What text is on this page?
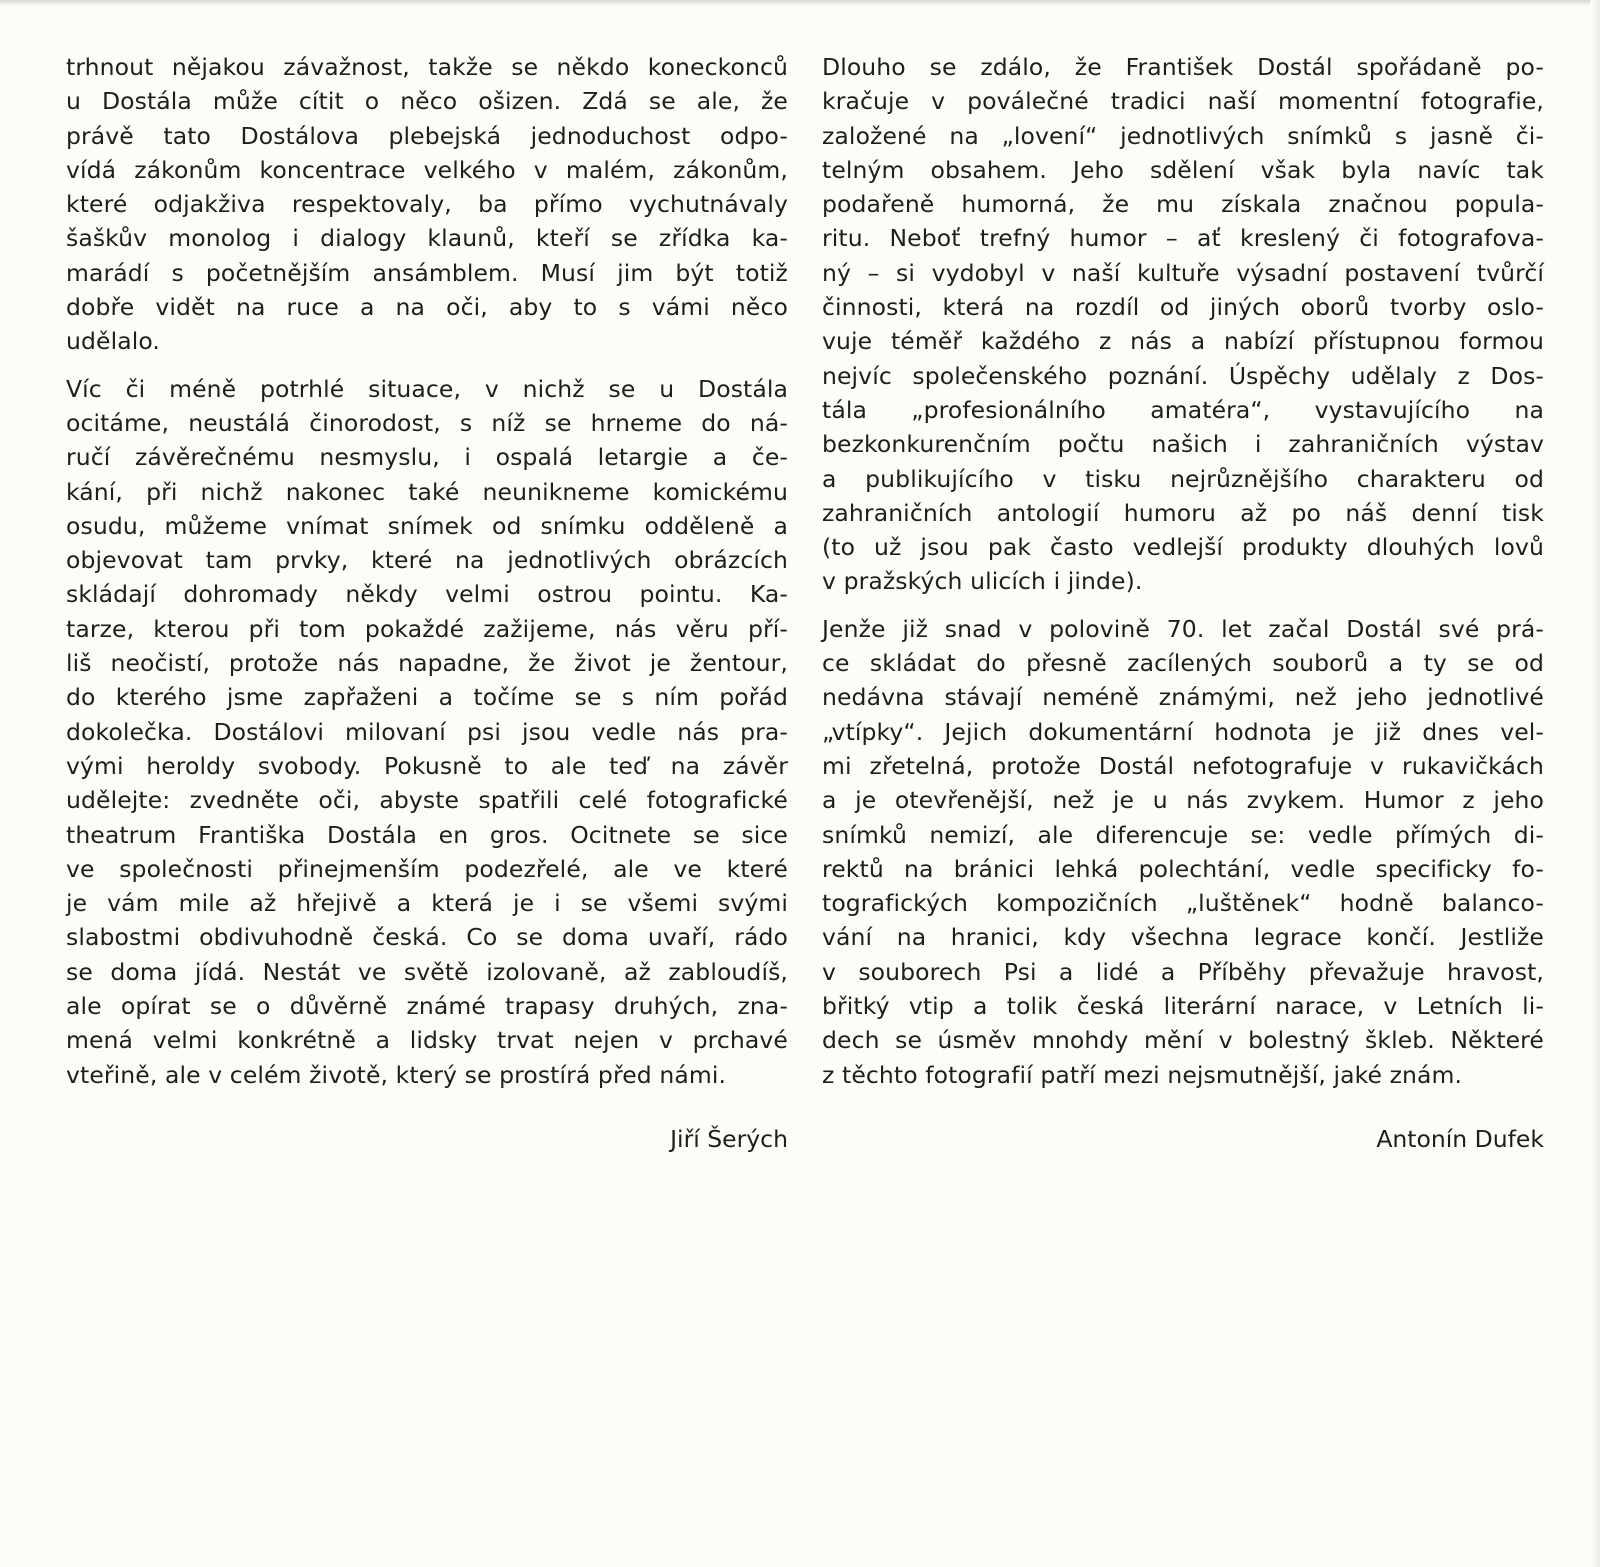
trhnout nějakou závažnost, takže se někdo koneckonců
u Dostála může cítit o něco ošizen. Zdá se ale, že
právě tato Dostálova plebejská jednoduchost odpo-
vídá zákonům koncentrace velkého v malém, zákonům,
které odjakživa respektovaly, ba přímo vychutnávaly
šaškův monolog i dialogy klaunů, kteří se zřídka ka-
marádí s početnějším ansámblem. Musí jim být totiž
dobře vidět na ruce a na oči, aby to s vámi něco
udělalo.
Víc či méně potrhlé situace, v nichž se u Dostála
ocitáme, neustálá činorodost, s níž se hrneme do ná-
ručí závěrečnému nesmyslu, i ospalá letargie a če-
kání, při nichž nakonec také neunikneme komickému
osudu, můžeme vnímat snímek od snímku odděleně a
objevovat tam prvky, které na jednotlivých obrázcích
skládají dohromady někdy velmi ostrou pointu. Ka-
tarze, kterou při tom pokaždé zažijeme, nás věru pří-
liš neočistí, protože nás napadne, že život je žentour,
do kterého jsme zapřaženi a točíme se s ním pořád
dokolečka. Dostálovi milovaní psi jsou vedle nás pra-
vými heroldy svobody. Pokusně to ale teď na závěr
udělejte: zvedněte oči, abyste spatřili celé fotografické
theatrum Františka Dostála en gros. Ocitnete se sice
ve společnosti přinejmenším podezřelé, ale ve které
je vám mile až hřejivě a která je i se všemi svými
slabostmi obdivuhodně česká. Co se doma uvaří, rádo
se doma jídá. Nestát ve světě izolovaně, až zabloudíš,
ale opírat se o důvěrně známé trapasy druhých, zna-
mená velmi konkrétně a lidsky trvat nejen v prchavé
vteřině, ale v celém životě, který se prostírá před námi.
Jiří Šerých
Dlouho se zdálo, že František Dostál spořádaně po-
kračuje v poválečné tradici naší momentní fotografie,
založené na „lovení“ jednotlivých snímků s jasně či-
telným obsahem. Jeho sdělení však byla navíc tak
podařeně humorná, že mu získala značnou popula-
ritu. Neboť trefný humor – ať kreslený či fotografova-
ný – si vydobyl v naší kultuře výsadní postavení tvůrčí
činnosti, která na rozdíl od jiných oborů tvorby oslo-
vuje téměř každého z nás a nabízí přístupnou formou
nejvíc společenského poznání. Úspěchy udělaly z Dos-
tála „profesionálního amatéra“, vystavujícího na
bezkonkurenčním počtu našich i zahraničních výstav
a publikujícího v tisku nejrůznějšího charakteru od
zahraničních antologií humoru až po náš denní tisk
(to už jsou pak často vedlejší produkty dlouhých lovů
v pražských ulicích i jinde).
Jenže již snad v polovině 70. let začal Dostál své prá-
ce skládat do přesně zacílených souborů a ty se od
nedávna stávají neméně známými, než jeho jednotlivé
„vtípky“. Jejich dokumentární hodnota je již dnes vel-
mi zřetelná, protože Dostál nefotografuje v rukavičkách
a je otevřenější, než je u nás zvykem. Humor z jeho
snímků nemizí, ale diferencuje se: vedle přímých di-
rektů na bránici lehká polechtání, vedle specificky fo-
tografických kompozičních „luštěnek“ hodně balanco-
vání na hranici, kdy všechna legrace končí. Jestliže
v souborech Psi a lidé a Příběhy převažuje hravost,
břitký vtip a tolik česká literární narace, v Letních li-
dech se úsměv mnohdy mění v bolestný škleb. Některé
z těchto fotografií patří mezi nejsmutnější, jaké znám.
Antonín Dufek
